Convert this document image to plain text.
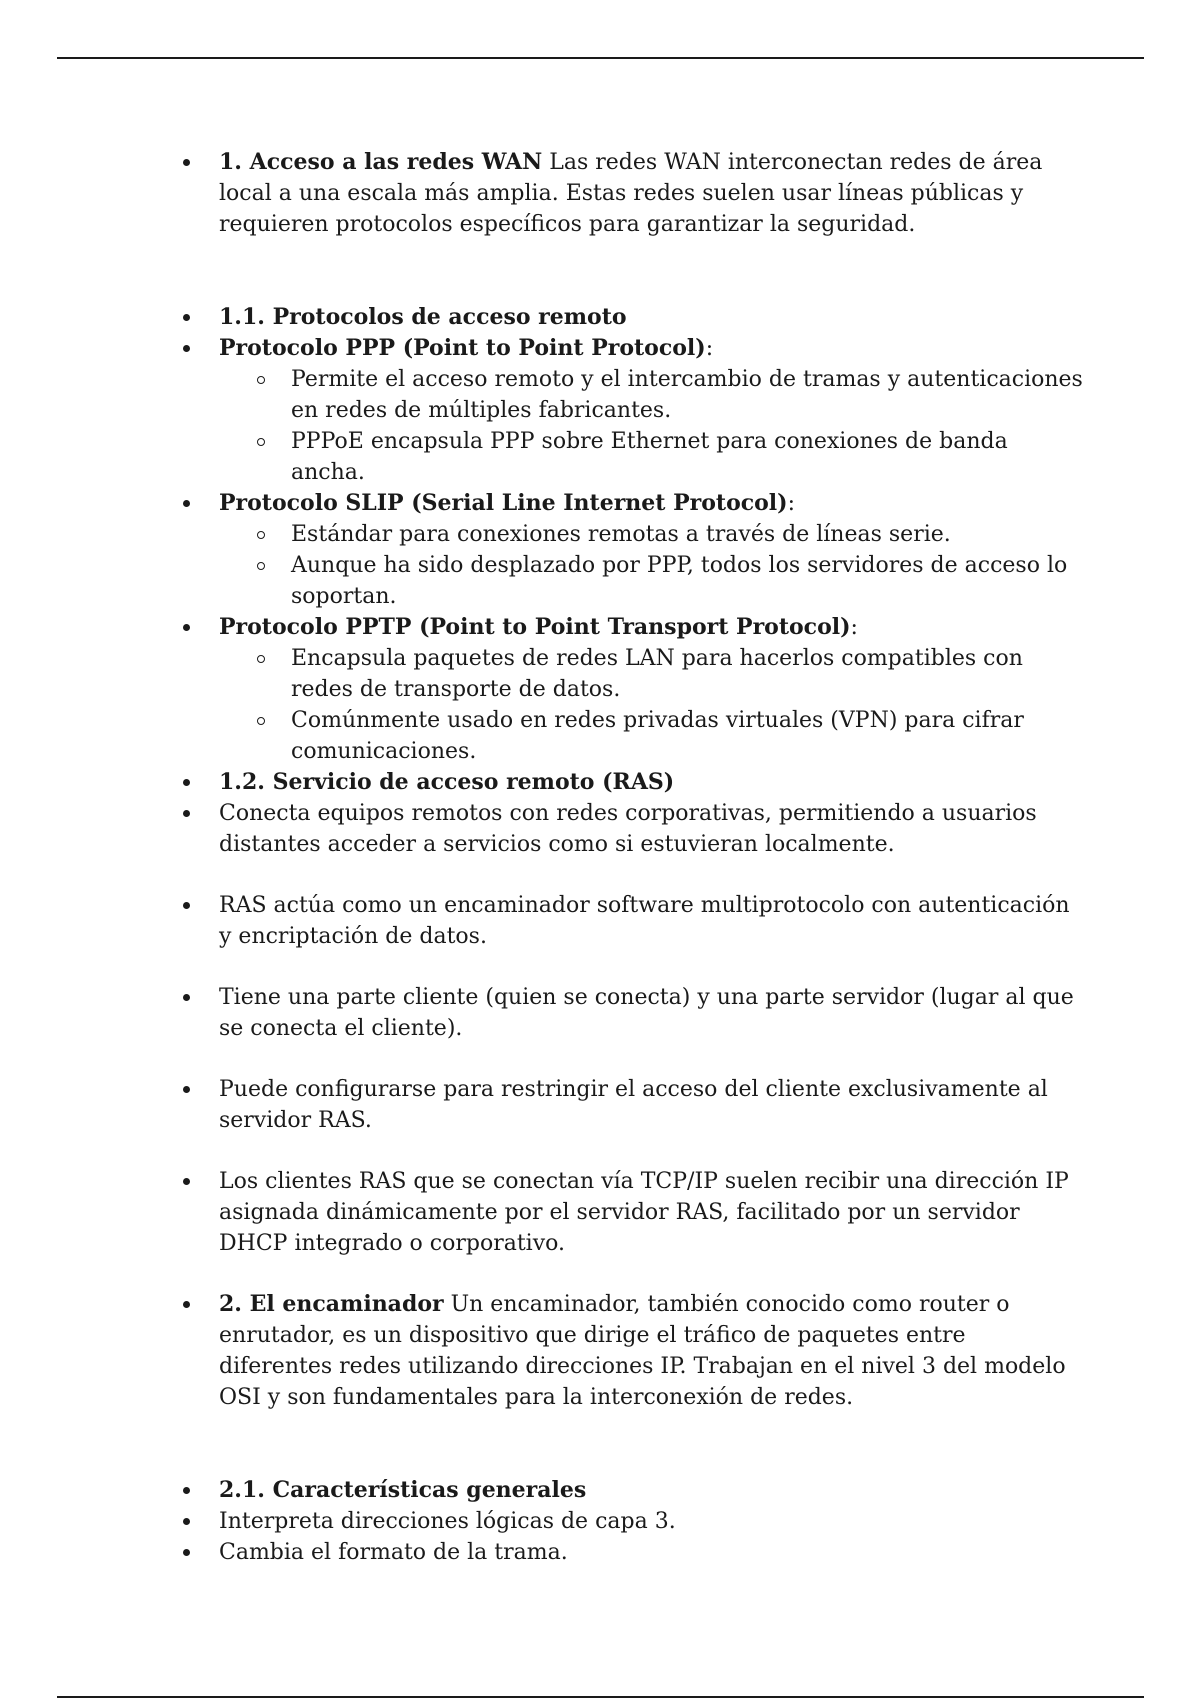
1. Acceso a las redes WAN Las redes WAN interconectan redes de área local a una escala más amplia. Estas redes suelen usar líneas públicas y requieren protocolos específicos para garantizar la seguridad.
1.1. Protocolos de acceso remoto
Protocolo PPP (Point to Point Protocol):
Permite el acceso remoto y el intercambio de tramas y autenticaciones en redes de múltiples fabricantes.
PPPoE encapsula PPP sobre Ethernet para conexiones de banda ancha.
Protocolo SLIP (Serial Line Internet Protocol):
Estándar para conexiones remotas a través de líneas serie.
Aunque ha sido desplazado por PPP, todos los servidores de acceso lo soportan.
Protocolo PPTP (Point to Point Transport Protocol):
Encapsula paquetes de redes LAN para hacerlos compatibles con redes de transporte de datos.
Comúnmente usado en redes privadas virtuales (VPN) para cifrar comunicaciones.
1.2. Servicio de acceso remoto (RAS)
Conecta equipos remotos con redes corporativas, permitiendo a usuarios distantes acceder a servicios como si estuvieran localmente.
RAS actúa como un encaminador software multiprotocolo con autenticación y encriptación de datos.
Tiene una parte cliente (quien se conecta) y una parte servidor (lugar al que se conecta el cliente).
Puede configurarse para restringir el acceso del cliente exclusivamente al servidor RAS.
Los clientes RAS que se conectan vía TCP/IP suelen recibir una dirección IP asignada dinámicamente por el servidor RAS, facilitado por un servidor DHCP integrado o corporativo.
2. El encaminador Un encaminador, también conocido como router o enrutador, es un dispositivo que dirige el tráfico de paquetes entre diferentes redes utilizando direcciones IP. Trabajan en el nivel 3 del modelo OSI y son fundamentales para la interconexión de redes.
2.1. Características generales
Interpreta direcciones lógicas de capa 3.
Cambia el formato de la trama.
